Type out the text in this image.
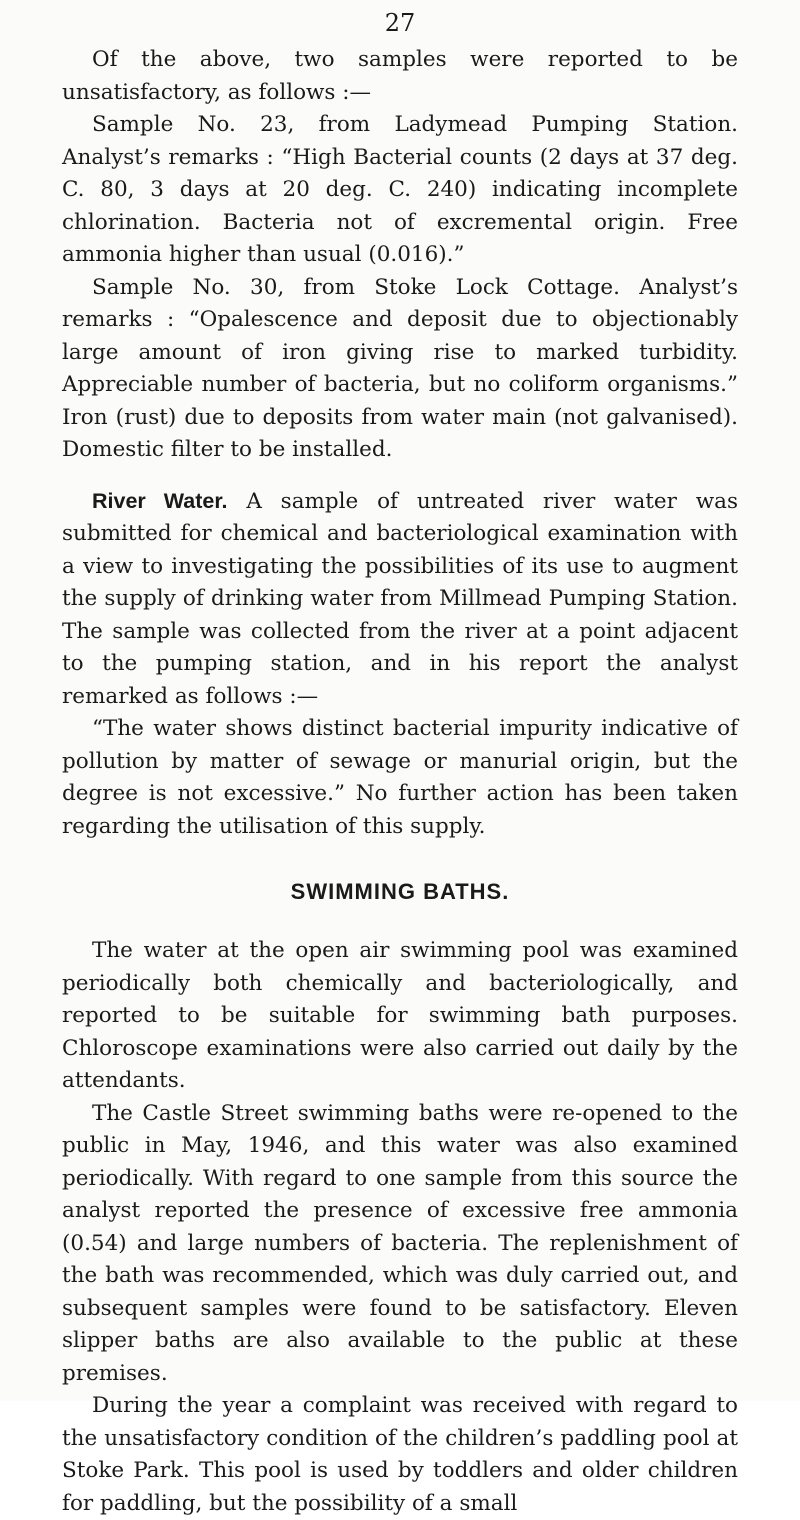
27

Of the above, two samples were reported to be unsatisfactory, as follows :—

Sample No. 23, from Ladymead Pumping Station. Analyst’s remarks : “High Bacterial counts (2 days at 37 deg. C. 80, 3 days at 20 deg. C. 240) indicating incomplete chlorination. Bacteria not of excremental origin. Free ammonia higher than usual (0.016).”

Sample No. 30, from Stoke Lock Cottage. Analyst’s remarks : “Opalescence and deposit due to objectionably large amount of iron giving rise to marked turbidity. Appreciable number of bacteria, but no coliform organisms.” Iron (rust) due to deposits from water main (not galvanised). Domestic filter to be installed.

River Water. A sample of untreated river water was submitted for chemical and bacteriological examination with a view to investigating the possibilities of its use to augment the supply of drinking water from Millmead Pumping Station. The sample was collected from the river at a point adjacent to the pumping station, and in his report the analyst remarked as follows :—

“The water shows distinct bacterial impurity indicative of pollution by matter of sewage or manurial origin, but the degree is not excessive.” No further action has been taken regarding the utilisation of this supply.

SWIMMING BATHS.

The water at the open air swimming pool was examined periodically both chemically and bacteriologically, and reported to be suitable for swimming bath purposes. Chloroscope examinations were also carried out daily by the attendants.

The Castle Street swimming baths were re-opened to the public in May, 1946, and this water was also examined periodically. With regard to one sample from this source the analyst reported the presence of excessive free ammonia (0.54) and large numbers of bacteria. The replenishment of the bath was recommended, which was duly carried out, and subsequent samples were found to be satisfactory. Eleven slipper baths are also available to the public at these premises.

During the year a complaint was received with regard to the unsatisfactory condition of the children’s paddling pool at Stoke Park. This pool is used by toddlers and older children for paddling, but the possibility of a small
